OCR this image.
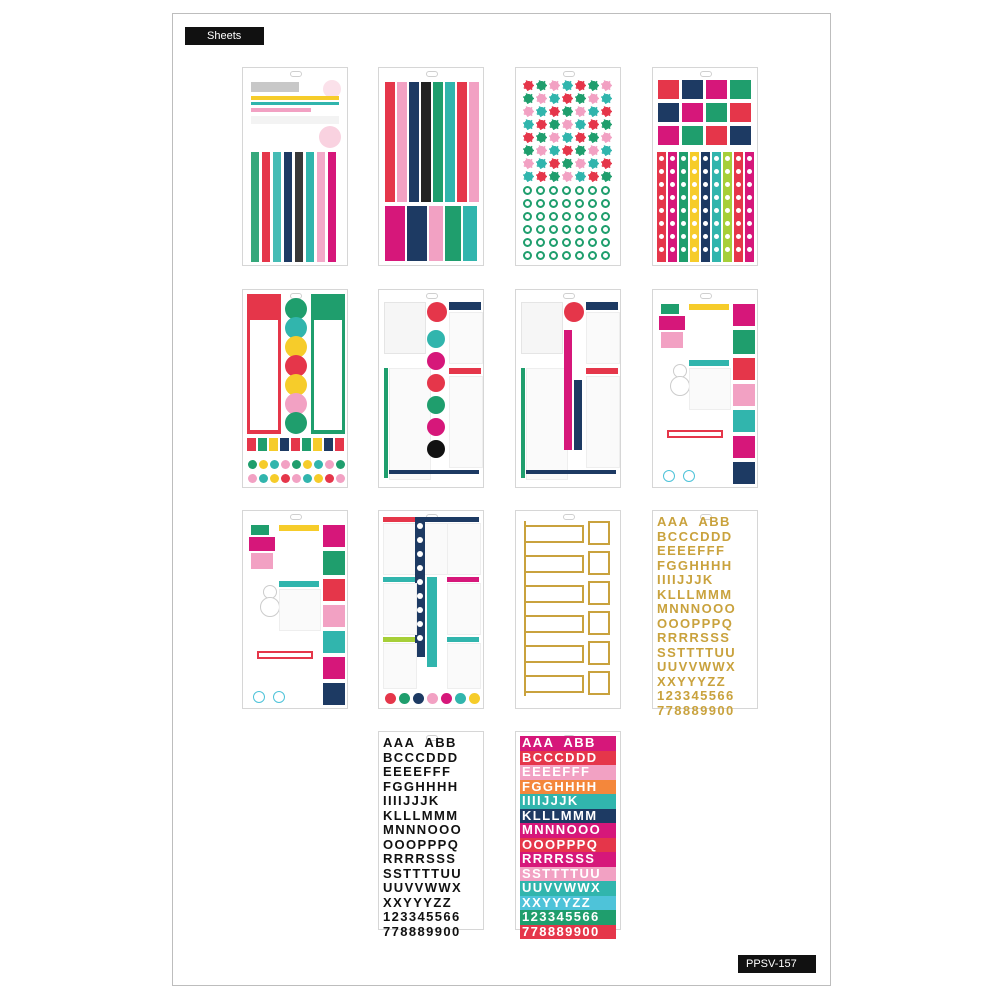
Sheets
PPSV-157
AAA  ABB
BCCCDDD
EEEEFFF
FGGHHHH
IIIIJJJK
KLLLMMM
MNNNOOO
OOOPPPQ
RRRRSSS
SSTTTTUU
UUVVWWX
XXYYYZZ
123345566
778889900
AAA  ABB
BCCCDDD
EEEEFFF
FGGHHHH
IIIIJJJK
KLLLMMM
MNNNOOO
OOOPPPQ
RRRRSSS
SSTTTTUU
UUVVWWX
XXYYYZZ
123345566
778889900
AAA  ABB
BCCCDDD
EEEEFFF
FGGHHHH
IIIIJJJK
KLLLMMM
MNNNOOO
OOOPPPQ
RRRRSSS
SSTTTTUU
UUVVWWX
XXYYYZZ
123345566
778889900
